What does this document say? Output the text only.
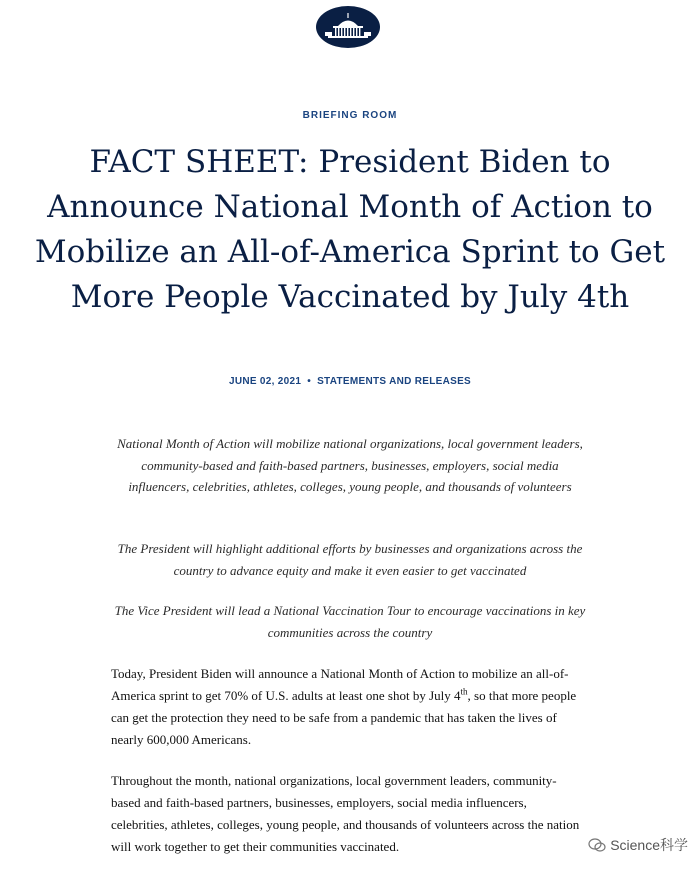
BRIEFING ROOM
FACT SHEET: President Biden to Announce National Month of Action to Mobilize an All-of-America Sprint to Get More People Vaccinated by July 4th
JUNE 02, 2021 • STATEMENTS AND RELEASES

National Month of Action will mobilize national organizations, local government leaders, community-based and faith-based partners, businesses, employers, social media influencers, celebrities, athletes, colleges, young people, and thousands of volunteers

The President will highlight additional efforts by businesses and organizations across the country to advance equity and make it even easier to get vaccinated

The Vice President will lead a National Vaccination Tour to encourage vaccinations in key communities across the country

Today, President Biden will announce a National Month of Action to mobilize an all-of-America sprint to get 70% of U.S. adults at least one shot by July 4th, so that more people can get the protection they need to be safe from a pandemic that has taken the lives of nearly 600,000 Americans.

Throughout the month, national organizations, local government leaders, community-based and faith-based partners, businesses, employers, social media influencers, celebrities, athletes, colleges, young people, and thousands of volunteers across the nation will work together to get their communities vaccinated.	Science科学
